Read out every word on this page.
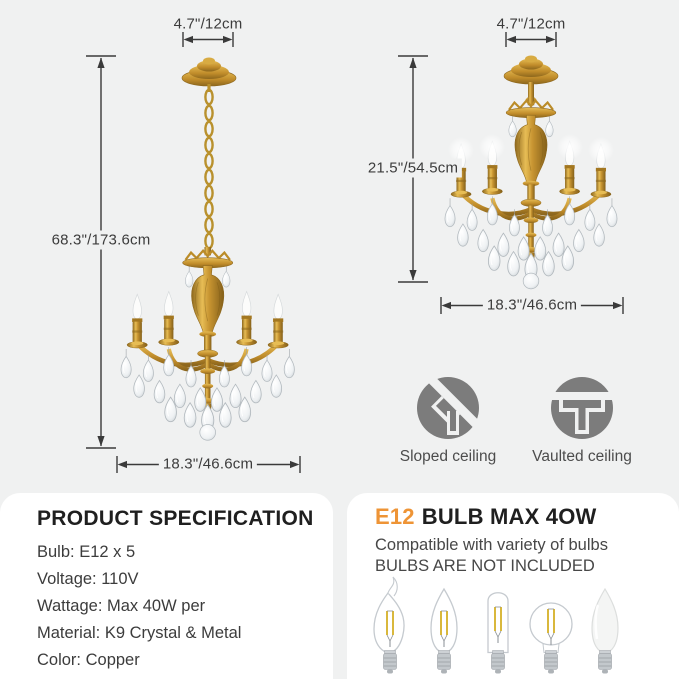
4.7"/12cm
68.3"/173.6cm
18.3"/46.6cm
4.7"/12cm
21.5"/54.5cm
18.3"/46.6cm
Sloped ceiling	Vaulted ceiling
PRODUCT SPECIFICATION
Bulb: E12 x 5
Voltage: 110V
Wattage: Max 40W per
Material: K9 Crystal & Metal
Color: Copper
E12 BULB MAX 4OW
Compatible with variety of bulbs
BULBS ARE NOT INCLUDED
